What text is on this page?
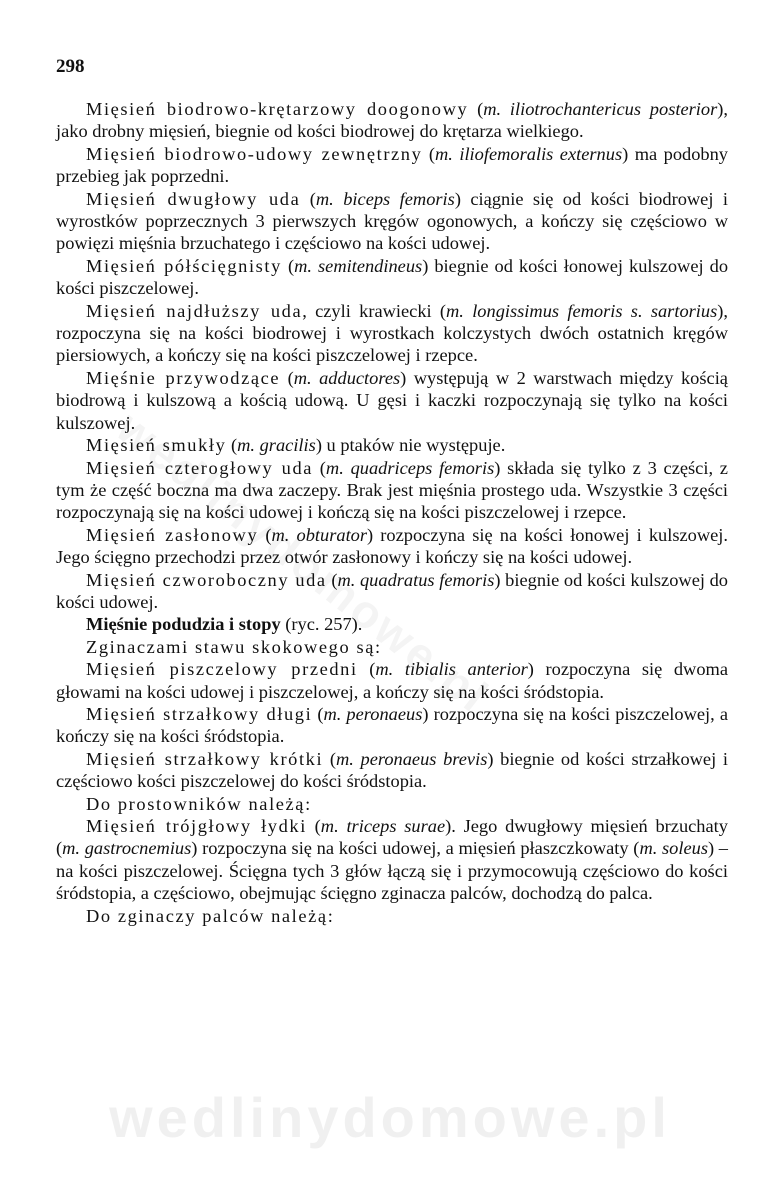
298

Mięsień biodrowo-krętarzowy doogonowy (m. iliotrochantericus posterior), jako drobny mięsień, biegnie od kości biodrowej do krętarza wielkiego.

Mięsień biodrowo-udowy zewnętrzny (m. iliofemoralis externus) ma podobny przebieg jak poprzedni.

Mięsień dwugłowy uda (m. biceps femoris) ciągnie się od kości biodrowej i wyrostków poprzecznych 3 pierwszych kręgów ogonowych, a kończy się częściowo w powięzi mięśnia brzuchatego i częściowo na kości udowej.

Mięsień półścięgnisty (m. semitendineus) biegnie od kości łonowej kulszowej do kości piszczelowej.

Mięsień najdłuższy uda, czyli krawiecki (m. longissimus femoris s. sartorius), rozpoczyna się na kości biodrowej i wyrostkach kolczystych dwóch ostatnich kręgów piersiowych, a kończy się na kości piszczelowej i rzepce.

Mięśnie przywodzące (m. adductores) występują w 2 warstwach między kością biodrową i kulszową a kością udową. U gęsi i kaczki rozpoczynają się tylko na kości kulszowej.

Mięsień smukły (m. gracilis) u ptaków nie występuje.

Mięsień czterogłowy uda (m. quadriceps femoris) składa się tylko z 3 części, z tym że część boczna ma dwa zaczepy. Brak jest mięśnia prostego uda. Wszystkie 3 części rozpoczynają się na kości udowej i kończą się na kości piszczelowej i rzepce.

Mięsień zasłonowy (m. obturator) rozpoczyna się na kości łonowej i kulszowej. Jego ścięgno przechodzi przez otwór zasłonowy i kończy się na kości udowej.

Mięsień czworoboczny uda (m. quadratus femoris) biegnie od kości kulszowej do kości udowej.

Mięśnie podudzia i stopy (ryc. 257).

Zginaczami stawu skokowego są:

Mięsień piszczelowy przedni (m. tibialis anterior) rozpoczyna się dwoma głowami na kości udowej i piszczelowej, a kończy się na kości śródstopia.

Mięsień strzałkowy długi (m. peronaeus) rozpoczyna się na kości piszczelowej, a kończy się na kości śródstopia.

Mięsień strzałkowy krótki (m. peronaeus brevis) biegnie od kości strzałkowej i częściowo kości piszczelowej do kości śródstopia.

Do prostowników należą:

Mięsień trójgłowy łydki (m. triceps surae). Jego dwugłowy mięsień brzuchaty (m. gastrocnemius) rozpoczyna się na kości udowej, a mięsień płaszczkowaty (m. soleus) – na kości piszczelowej. Ścięgna tych 3 głów łączą się i przymocowują częściowo do kości śródstopia, a częściowo, obejmując ścięgno zginacza palców, dochodzą do palca.

Do zginaczy palców należą:

wedlinydomowe.pl
